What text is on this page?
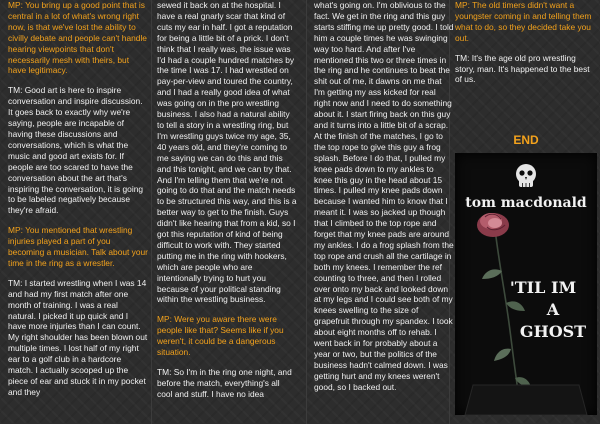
MP: You bring up a good point that is central in a lot of what's wrong right now, is that we've lost the ability to civilly debate and people can't handle hearing viewpoints that don't necessarily mesh with theirs, but have legitimacy.

TM: Good art is here to inspire conversation and inspire discussion. It goes back to exactly why we're saying, people are incapable of having these discussions and conversations, which is what the music and good art exists for. If people are too scared to have the conversation about the art that's inspiring the conversation, it is going to be labeled negatively because they're afraid.

MP: You mentioned that wrestling injuries played a part of you becoming a musician. Talk about your time in the ring as a wrestler.

TM: I started wrestling when I was 14 and had my first match after one month of training. I was a real natural. I picked it up quick and I have more injuries than I can count. My right shoulder has been blown out multiple times. I lost half of my right ear to a golf club in a hardcore match. I actually scooped up the piece of ear and stuck it in my pocket and they

sewed it back on at the hospital. I have a real gnarly scar that kind of cuts my ear in half. I got a reputation for being a little bit of a prick. I don't think that I really was, the issue was I'd had a couple hundred matches by the time I was 17. I had wrestled on pay-per-view and toured the country, and I had a really good idea of what was going on in the pro wrestling business. I also had a natural ability to tell a story in a wrestling ring, but I'm wrestling guys twice my age, 35, 40 years old, and they're coming to me saying we can do this and this and this tonight, and we can try that. And I'm telling them that we're not going to do that and the match needs to be structured this way, and this is a better way to get to the finish. Guys didn't like hearing that from a kid, so I got this reputation of kind of being difficult to work with. They started putting me in the ring with hookers, which are people who are intentionally trying to hurt you because of your political standing within the wrestling business.

MP: Were you aware there were people like that? Seems like if you weren't, it could be a dangerous situation.

TM: So I'm in the ring one night, and before the match, everything's all cool and stuff. I have no idea

what's going on. I'm oblivious to the fact. We get in the ring and this guy starts stiffing me up pretty good. I told him a couple times he was swinging way too hard. And after I've mentioned this two or three times in the ring and he continues to beat the shit out of me, it dawns on me that I'm getting my ass kicked for real right now and I need to do something about it. I start firing back on this guy and it turns into a little bit of a scrap. At the finish of the matches, I go to the top rope to give this guy a frog splash. Before I do that, I pulled my knee pads down to my ankles to knee this guy in the head about 15 times. I pulled my knee pads down because I wanted him to know that I meant it. I was so jacked up though that I climbed to the top rope and forget that my knee pads are around my ankles. I do a frog splash from the top rope and crush all the cartilage in both my knees. I remember the ref counting to three, and then I rolled over onto my back and looked down at my legs and I could see both of my knees swelling to the size of grapefruit through my spandex. I took about eight months off to rehab. I went back in for probably about a year or two, but the politics of the business hadn't calmed down. I was getting hurt and my knees weren't good, so I backed out.

MP: The old timers didn't want a youngster coming in and telling them what to do, so they decided take you out.

TM: It's the age old pro wrestling story, man. It's happened to the best of us.

END
tom macdonald
'TIL IM
A
GHOST
